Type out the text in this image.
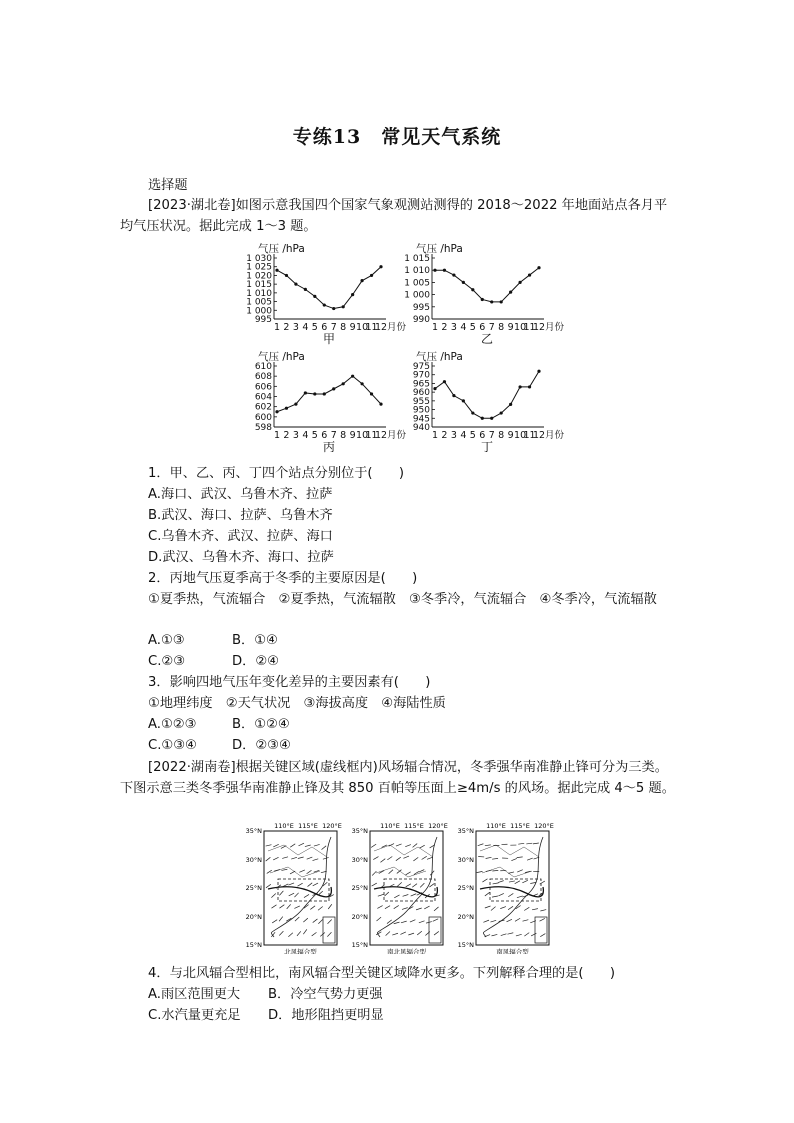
专练13　常见天气系统
选择题
[2023·湖北卷]如图示意我国四个国家气象观测站测得的 2018～2022 年地面站点各月平均气压状况。据此完成 1～3 题。
气压 /hPa
1 030
1 025
1 020
1 015
1 010
1 005
1 000
995
1 2 3 4 5 6 7 8 9 10
11
12 月份
甲
气压 /hPa
1 015
1 010
1 005
1 000
995
990
1 2 3 4 5 6 7 8 9 10
11
12 月份
乙
气压 /hPa
610
608
606
604
602
600
598
1 2 3 4 5 6 7 8 9 10
11
12 月份
丙
气压 /hPa
975
970
965
960
955
950
945
940
1 2 3 4 5 6 7 8 9 10
11
12 月份
丁
1．甲、乙、丙、丁四个站点分别位于(　　)
A.海口、武汉、乌鲁木齐、拉萨
B.武汉、海口、拉萨、乌鲁木齐
C.乌鲁木齐、武汉、拉萨、海口
D.武汉、乌鲁木齐、海口、拉萨
2．丙地气压夏季高于冬季的主要原因是(　　)
①夏季热，气流辐合　②夏季热，气流辐散　③冬季冷，气流辐合　④冬季冷，气流辐散
A.①③	B．①④
C.②③	D．②④
3．影响四地气压年变化差异的主要因素有(　　)
①地理纬度　②天气状况　③海拔高度　④海陆性质
A.①②③	B．①②④
C.①③④	D．②③④
[2022·湖南卷]根据关键区域(虚线框内)风场辐合情况，冬季强华南准静止锋可分为三类。下图示意三类冬季强华南准静止锋及其 850 百帕等压面上≥4m/s 的风场。据此完成 4～5 题。
110°E 115°E 120°E
35°N
30°N
25°N
20°N
15°N
北风辐合型
110°E 115°E 120°E
35°N
30°N
25°N
20°N
15°N
南北风辐合型
110°E 115°E 120°E
35°N
30°N
25°N
20°N
15°N
南风辐合型
4．与北风辐合型相比，南风辐合型关键区域降水更多。下列解释合理的是(　　)
A.雨区范围更大 B．冷空气势力更强
C.水汽量更充足 D．地形阻挡更明显
